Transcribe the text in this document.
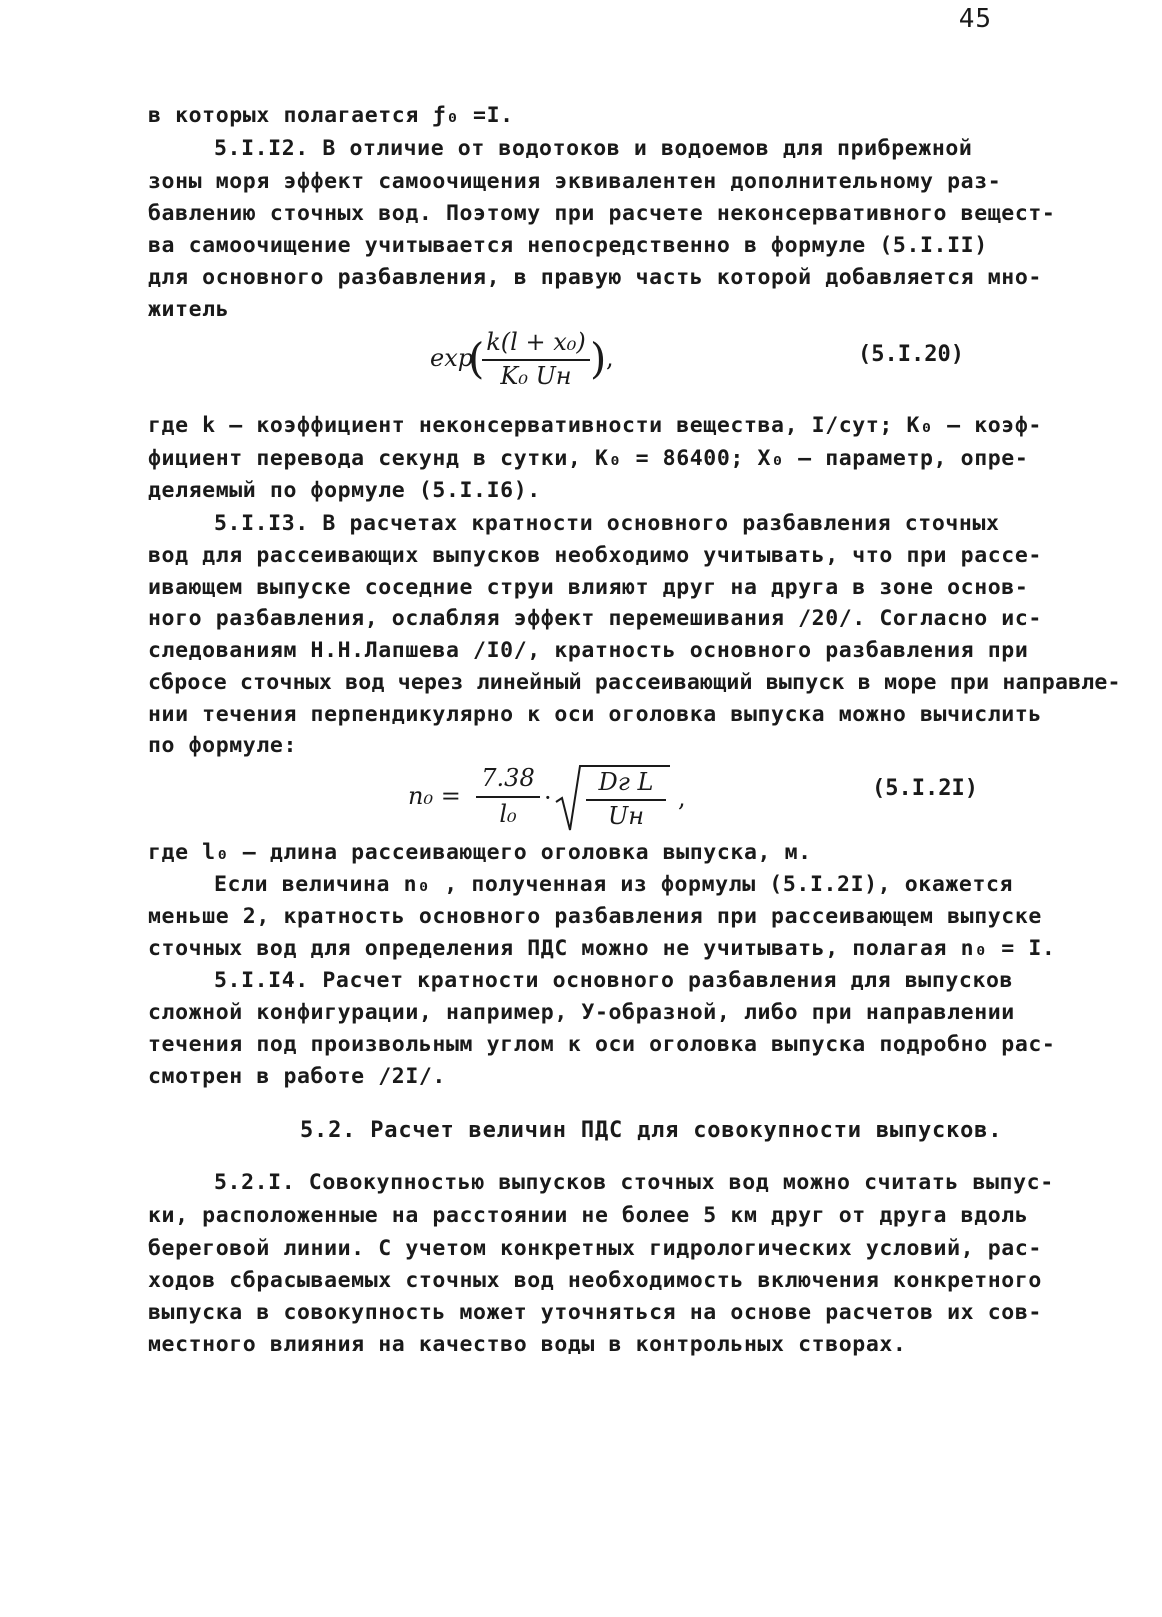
45
в которых полагается ƒ₀ =I.
5.I.I2. В отличие от водотоков и водоемов для прибрежной
зоны моря эффект самоочищения эквивалентен дополнительному раз-
бавлению сточных вод. Поэтому при расчете неконсервативного вещест-
ва самоочищение учитывается непосредственно в формуле (5.I.II)
для основного разбавления, в правую часть которой добавляется мно-
житель
exp
( k(l + x₀)
K₀ Uн ) ,	(5.I.20)
где k – коэффициент неконсервативности вещества, I/сут; K₀ – коэф-
фициент перевода секунд в сутки, K₀ = 86400; X₀ – параметр, опре-
деляемый по формуле (5.I.I6).
5.I.I3. В расчетах кратности основного разбавления сточных
вод для рассеивающих выпусков необходимо учитывать, что при рассе-
ивающем выпуске соседние струи влияют друг на друга в зоне основ-
ного разбавления, ослабляя эффект перемешивания /20/. Согласно ис-
следованиям Н.Н.Лапшева /I0/, кратность основного разбавления при
сбросе сточных вод через линейный рассеивающий выпуск в море при направле-
нии течения перпендикулярно к оси оголовка выпуска можно вычислить
по формуле:
n₀ =
7.38
l₀
·
Dг L
Uн
,	(5.I.2I)
где l₀ – длина рассеивающего оголовка выпуска, м.
Если величина n₀ , полученная из формулы (5.I.2I), окажется
меньше 2, кратность основного разбавления при рассеивающем выпуске
сточных вод для определения ПДС можно не учитывать, полагая n₀ = I.
5.I.I4. Расчет кратности основного разбавления для выпусков
сложной конфигурации, например, У-образной, либо при направлении
течения под произвольным углом к оси оголовка выпуска подробно рас-
смотрен в работе /2I/.
5.2. Расчет величин ПДС для совокупности выпусков.
5.2.I. Совокупностью выпусков сточных вод можно считать выпус-
ки, расположенные на расстоянии не более 5 км друг от друга вдоль
береговой линии. С учетом конкретных гидрологических условий, рас-
ходов сбрасываемых сточных вод необходимость включения конкретного
выпуска в совокупность может уточняться на основе расчетов их сов-
местного влияния на качество воды в контрольных створах.
